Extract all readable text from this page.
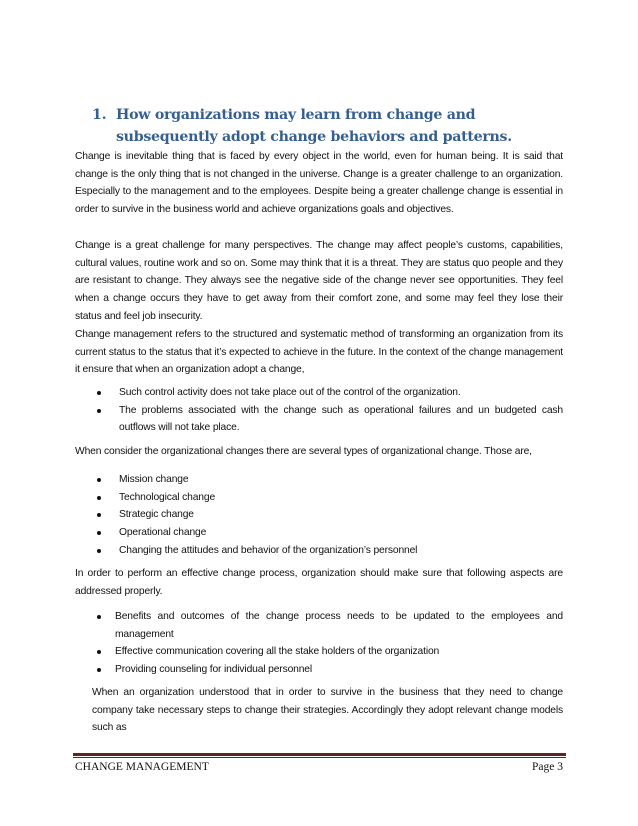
1. How organizations may learn from change and subsequently adopt change behaviors and patterns.

Change is inevitable thing that is faced by every object in the world, even for human being. It is said that change is the only thing that is not changed in the universe. Change is a greater challenge to an organization. Especially to the management and to the employees. Despite being a greater challenge change is essential in order to survive in the business world and achieve organizations goals and objectives.

Change is a great challenge for many perspectives. The change may affect people’s customs, capabilities, cultural values, routine work and so on. Some may think that it is a threat. They are status quo people and they are resistant to change. They always see the negative side of the change never see opportunities. They feel when a change occurs they have to get away from their comfort zone, and some may feel they lose their status and feel job insecurity.

Change management refers to the structured and systematic method of transforming an organization from its current status to the status that it’s expected to achieve in the future. In the context of the change management it ensure that when an organization adopt a change,

Such control activity does not take place out of the control of the organization.
The problems associated with the change such as operational failures and un budgeted cash outflows will not take place.

When consider the organizational changes there are several types of organizational change. Those are,

Mission change
Technological change
Strategic change
Operational change
Changing the attitudes and behavior of the organization’s personnel

In order to perform an effective change process, organization should make sure that following aspects are addressed properly.

Benefits and outcomes of the change process needs to be updated to the employees and management
Effective communication covering all the stake holders of the organization
Providing counseling for individual personnel

When an organization understood that in order to survive in the business that they need to change company take necessary steps to change their strategies. Accordingly they adopt relevant change models such as

CHANGE MANAGEMENT	Page 3
